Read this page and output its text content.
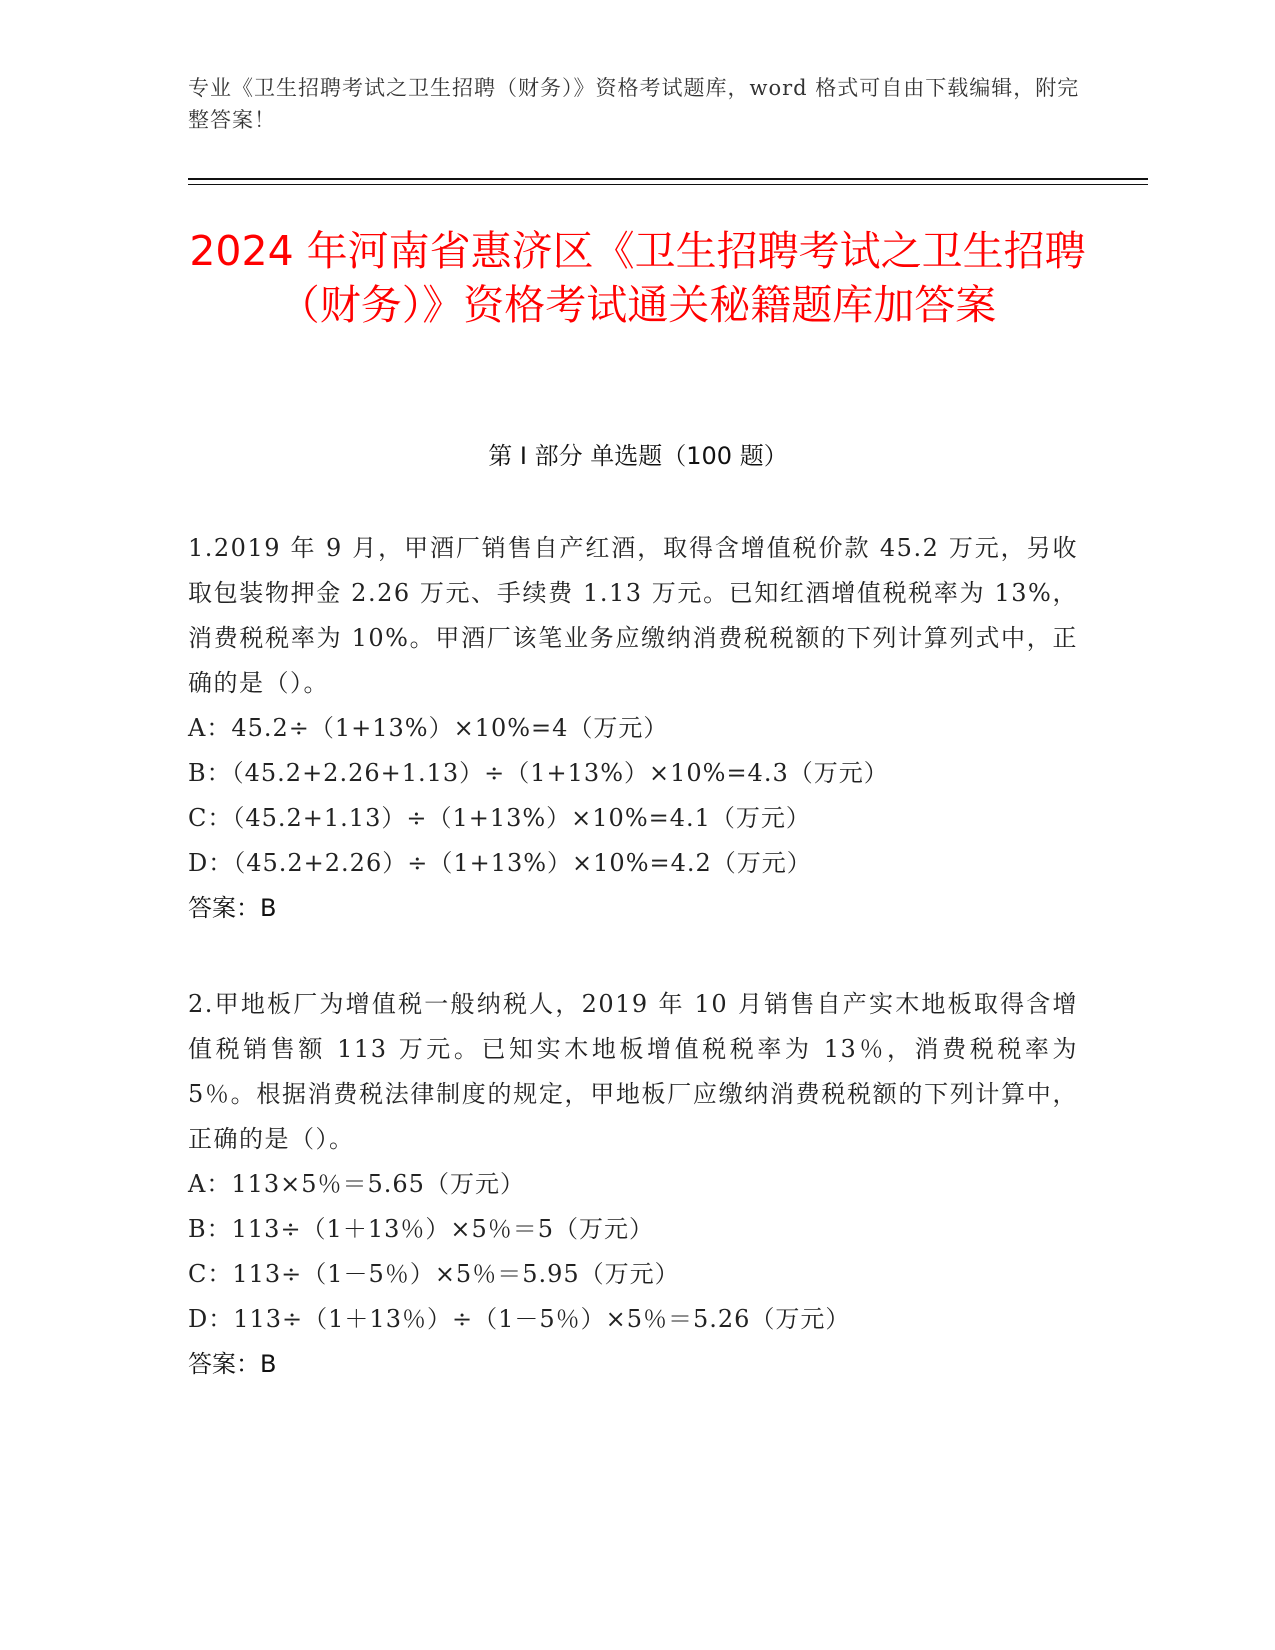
专业《卫生招聘考试之卫生招聘（财务）》资格考试题库，word 格式可自由下载编辑，附完整答案！
2024 年河南省惠济区《卫生招聘考试之卫生招聘（财务）》资格考试通关秘籍题库加答案
第 I 部分 单选题（100 题）

1.2019 年 9 月，甲酒厂销售自产红酒，取得含增值税价款 45.2 万元，另收取包装物押金 2.26 万元、手续费 1.13 万元。已知红酒增值税税率为 13%，消费税税率为 10%。甲酒厂该笔业务应缴纳消费税税额的下列计算列式中，正确的是（）。

A：45.2÷（1+13%）×10%=4（万元）

B：（45.2+2.26+1.13）÷（1+13%）×10%=4.3（万元）

C：（45.2+1.13）÷（1+13%）×10%=4.1（万元）

D：（45.2+2.26）÷（1+13%）×10%=4.2（万元）

答案：B

2.甲地板厂为增值税一般纳税人，2019 年 10 月销售自产实木地板取得含增值税销售额 113 万元。已知实木地板增值税税率为 13％，消费税税率为 5％。根据消费税法律制度的规定，甲地板厂应缴纳消费税税额的下列计算中，正确的是（）。

A：113×5％＝5.65（万元）

B：113÷（1＋13％）×5％＝5（万元）

C：113÷（1－5％）×5％＝5.95（万元）

D：113÷（1＋13％）÷（1－5％）×5％＝5.26（万元）

答案：B
